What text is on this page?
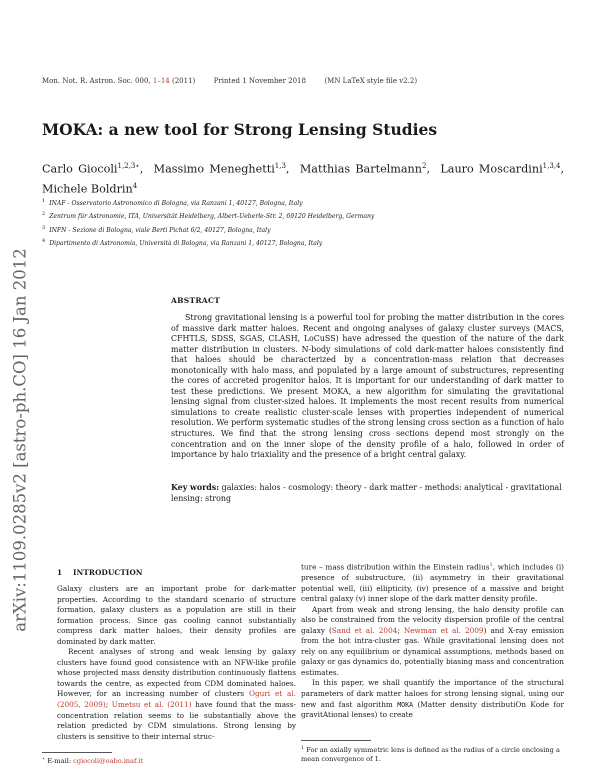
Mon. Not. R. Astron. Soc. 000, 1–14 (2011)	Printed 1 November 2018	(MN LaTeX style file v2.2)
MOKA: a new tool for Strong Lensing Studies
Carlo Giocoli$^{1,2,3⋆}$,  Massimo Meneghetti$^{1,3}$,  Matthias Bartelmann$^2$,  Lauro Moscardini$^{1,3,4}$, Michele Boldrin$^4$
$^1$ INAF - Osservatorio Astronomico di Bologna, via Ranzani 1, 40127, Bologna, Italy
$^2$ Zentrum für Astronomie, ITA, Universität Heidelberg, Albert-Ueberle-Str. 2, 69120 Heidelberg, Germany
$^3$ INFN - Sezione di Bologna, viale Berti Pichat 6/2, 40127, Bologna, Italy
$^4$ Dipartimento di Astronomia, Università di Bologna, via Ranzani 1, 40127, Bologna, Italy
arXiv:1109.0285v2 [astro-ph.CO] 16 Jan 2012	ABSTRACT
Strong gravitational lensing is a powerful tool for probing the matter distribution in the cores of massive dark matter haloes. Recent and ongoing analyses of galaxy cluster surveys (MACS, CFHTLS, SDSS, SGAS, CLASH, LoCuSS) have adressed the question of the nature of the dark matter distribution in clusters. N-body simulations of cold dark-matter haloes consistently find that haloes should be characterized by a concentration-mass relation that decreases monotonically with halo mass, and populated by a large amount of substructures, representing the cores of accreted progenitor halos. It is important for our understanding of dark matter to test these predictions. We present MOKA, a new algorithm for simulating the gravitational lensing signal from cluster-sized haloes. It implements the most recent results from numerical simulations to create realistic cluster-scale lenses with properties independent of numerical resolution. We perform systematic studies of the strong lensing cross section as a function of halo structures. We find that the strong lensing cross sections depend most strongly on the concentration and on the inner slope of the density profile of a halo, followed in order of importance by halo triaxiality and the presence of a bright central galaxy.
Key words: galaxies: halos - cosmology: theory - dark matter - methods: analytical - gravitational lensing: strong
1 INTRODUCTION

Galaxy clusters are an important probe for dark-matter properties. According to the standard scenario of structure formation, galaxy clusters as a population are still in their formation process. Since gas cooling cannot substantially compress dark matter haloes, their density profiles are dominated by dark matter.

Recent analyses of strong and weak lensing by galaxy clusters have found good consistence with an NFW-like profile whose projected mass density distribution continuously flattens towards the centre, as expected from CDM dominated haloes. However, for an increasing number of clusters Oguri et al. (2005, 2009); Umetsu et al. (2011) have found that the mass-concentration relation seems to lie substantially above the relation predicted by CDM simulations. Strong lensing by clusters is sensitive to their internal struc-

ture – mass distribution within the Einstein radius$^1$, which includes (i) presence of substructure, (ii) asymmetry in their gravitational potential well, (iii) ellipticity, (iv) presence of a massive and bright central galaxy (v) inner slope of the dark matter density profile.

Apart from weak and strong lensing, the halo density profile can also be constrained from the velocity dispersion profile of the central galaxy (Sand et al. 2004; Newman et al. 2009) and X-ray emission from the hot intra-cluster gas. While gravitational lensing does not rely on any equilibrium or dynamical assumptions, methods based on galaxy or gas dynamics do, potentially biasing mass and concentration estimates.

In this paper, we shall quantify the importance of the structural parameters of dark matter haloes for strong lensing signal, using our new and fast algorithm MOKA (Matter density distributiOn Kode for gravitAtional lenses) to create

⋆ E-mail: cgiocoli@oabo.inaf.it
$^1$ For an axially symmetric lens is defined as the radius of a circle enclosing a mean convergence of 1.
